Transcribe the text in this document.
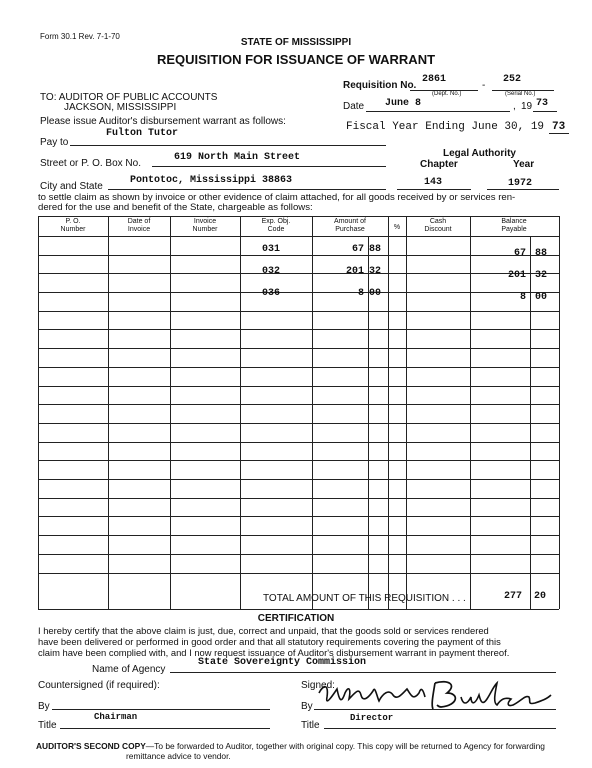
Form 30.1 Rev. 7-1-70
STATE OF MISSISSIPPI
REQUISITION FOR ISSUANCE OF WARRANT
Requisition No.
2861
-
252
(Dept. No.)	(Serial No.)
TO: AUDITOR OF PUBLIC ACCOUNTS
JACKSON, MISSISSIPPI
Please issue Auditor's disbursement warrant as follows:
Date June 8	, 19 73
Fiscal Year Ending June 30, 19 73
Pay to
Fulton Tutor
Legal Authority
Chapter	Year
Street or P. O. Box No.
619 North Main Street
City and State
Pontotoc, Mississippi 38863	143	1972
to settle claim as shown by invoice or other evidence of claim attached, for all goods received by or services ren-
dered for the use and benefit of the State, chargeable as follows:
P. O.
Number
Date of
Invoice
Invoice
Number
Exp. Obj.
Code
Amount of
Purchase	%
Cash
Discount
Balance
Payable
031	67 88	67 88
032	201 32	201 32
036	8 00	8 00
TOTAL AMOUNT OF THIS REQUISITION . . .	277 20
CERTIFICATION
I hereby certify that the above claim is just, due, correct and unpaid, that the goods sold or services rendered
have been delivered or performed in good order and that all statutory requirements covering the payment of this
claim have been complied with, and I now request issuance of Auditor's disbursement warrant in payment thereof.
Name of Agency
State Sovereignty Commission
Countersigned (if required):	Signed:
By	By
Title
Chairman
Title
Director
AUDITOR'S SECOND COPY—To be forwarded to Auditor, together with original copy. This copy will be returned to Agency for forwarding
remittance advice to vendor.
